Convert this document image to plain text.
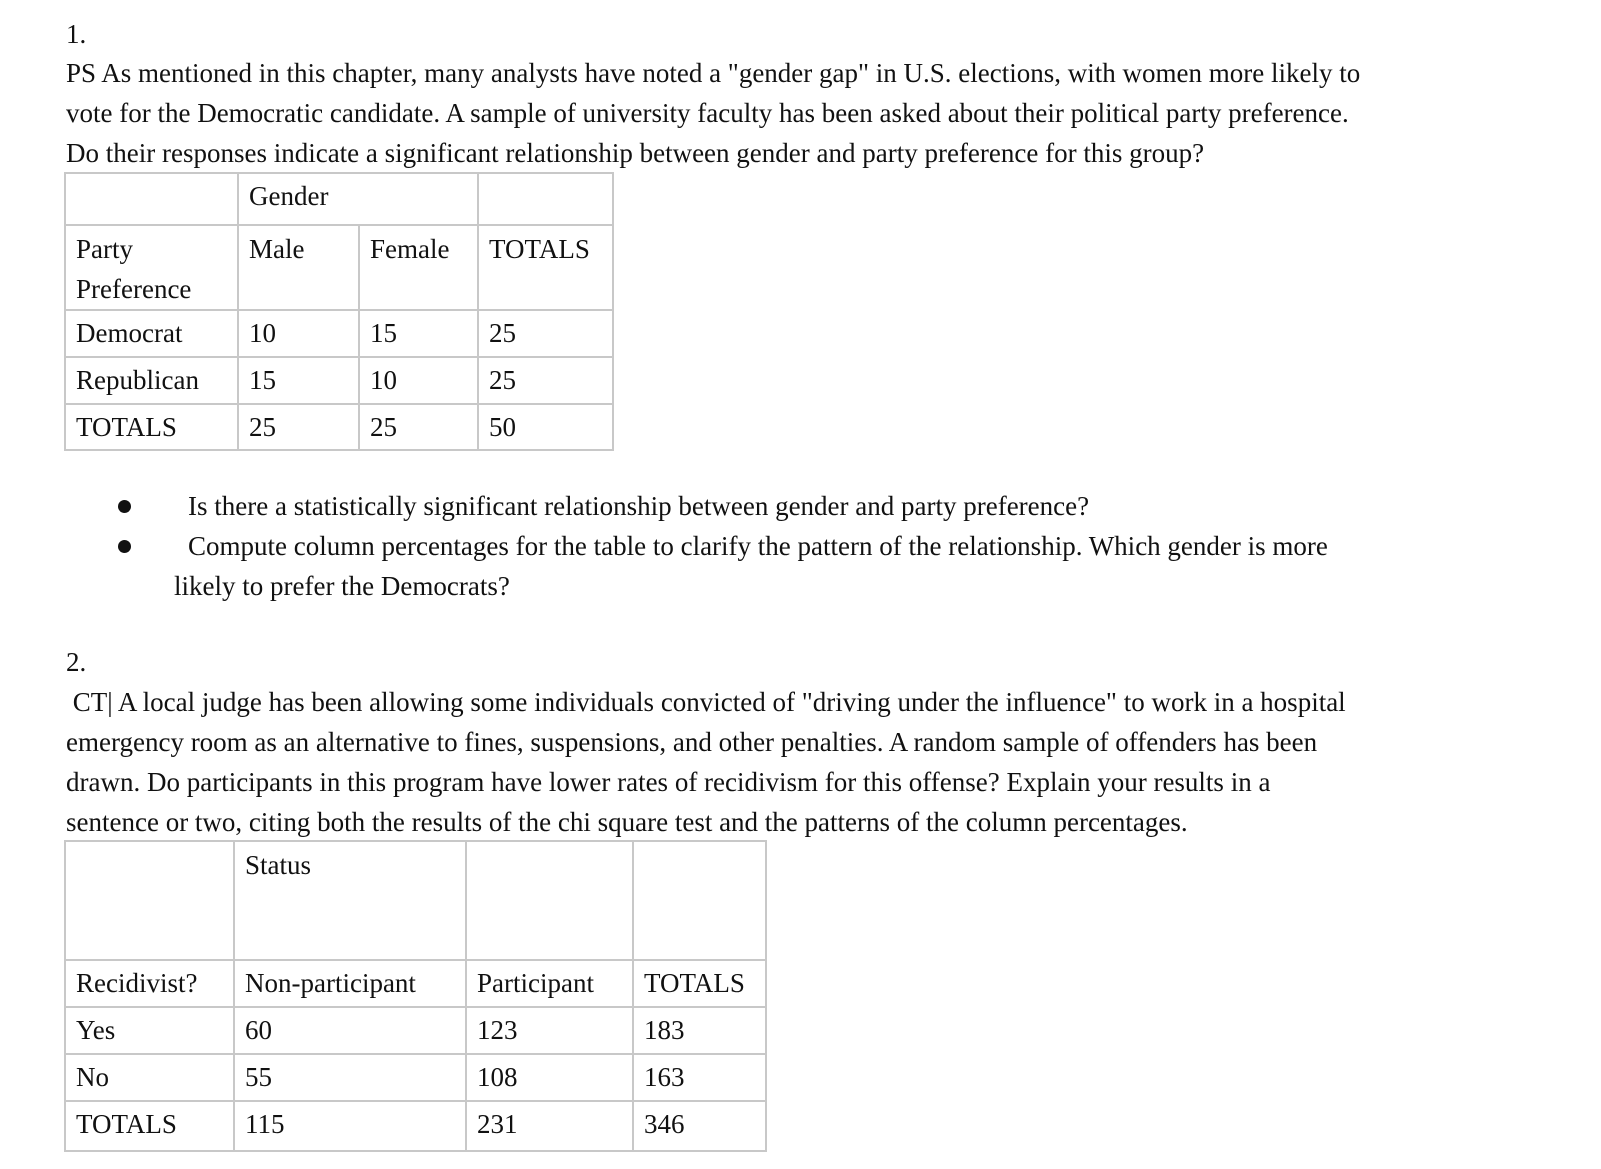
1.
PS As mentioned in this chapter, many analysts have noted a "gender gap" in U.S. elections, with women more likely to
vote for the Democratic candidate. A sample of university faculty has been asked about their political party preference.
Do their responses indicate a significant relationship between gender and party preference for this group?
	Gender		

Party
Preference	Male	Female	TOTALS
Democrat	10	15	25
Republican	15	10	25
TOTALS	25	25	50
Is there a statistically significant relationship between gender and party preference?
Compute column percentages for the table to clarify the pattern of the relationship. Which gender is more
likely to prefer the Democrats?
2.
CT| A local judge has been allowing some individuals convicted of "driving under the influence" to work in a hospital
emergency room as an alternative to fines, suspensions, and other penalties. A random sample of offenders has been
drawn. Do participants in this program have lower rates of recidivism for this offense? Explain your results in a
sentence or two, citing both the results of the chi square test and the patterns of the column percentages.
	Status		
Recidivist?	Non-participant	Participant	TOTALS
Yes	60	123	183
No	55	108	163
TOTALS	115	231	346
